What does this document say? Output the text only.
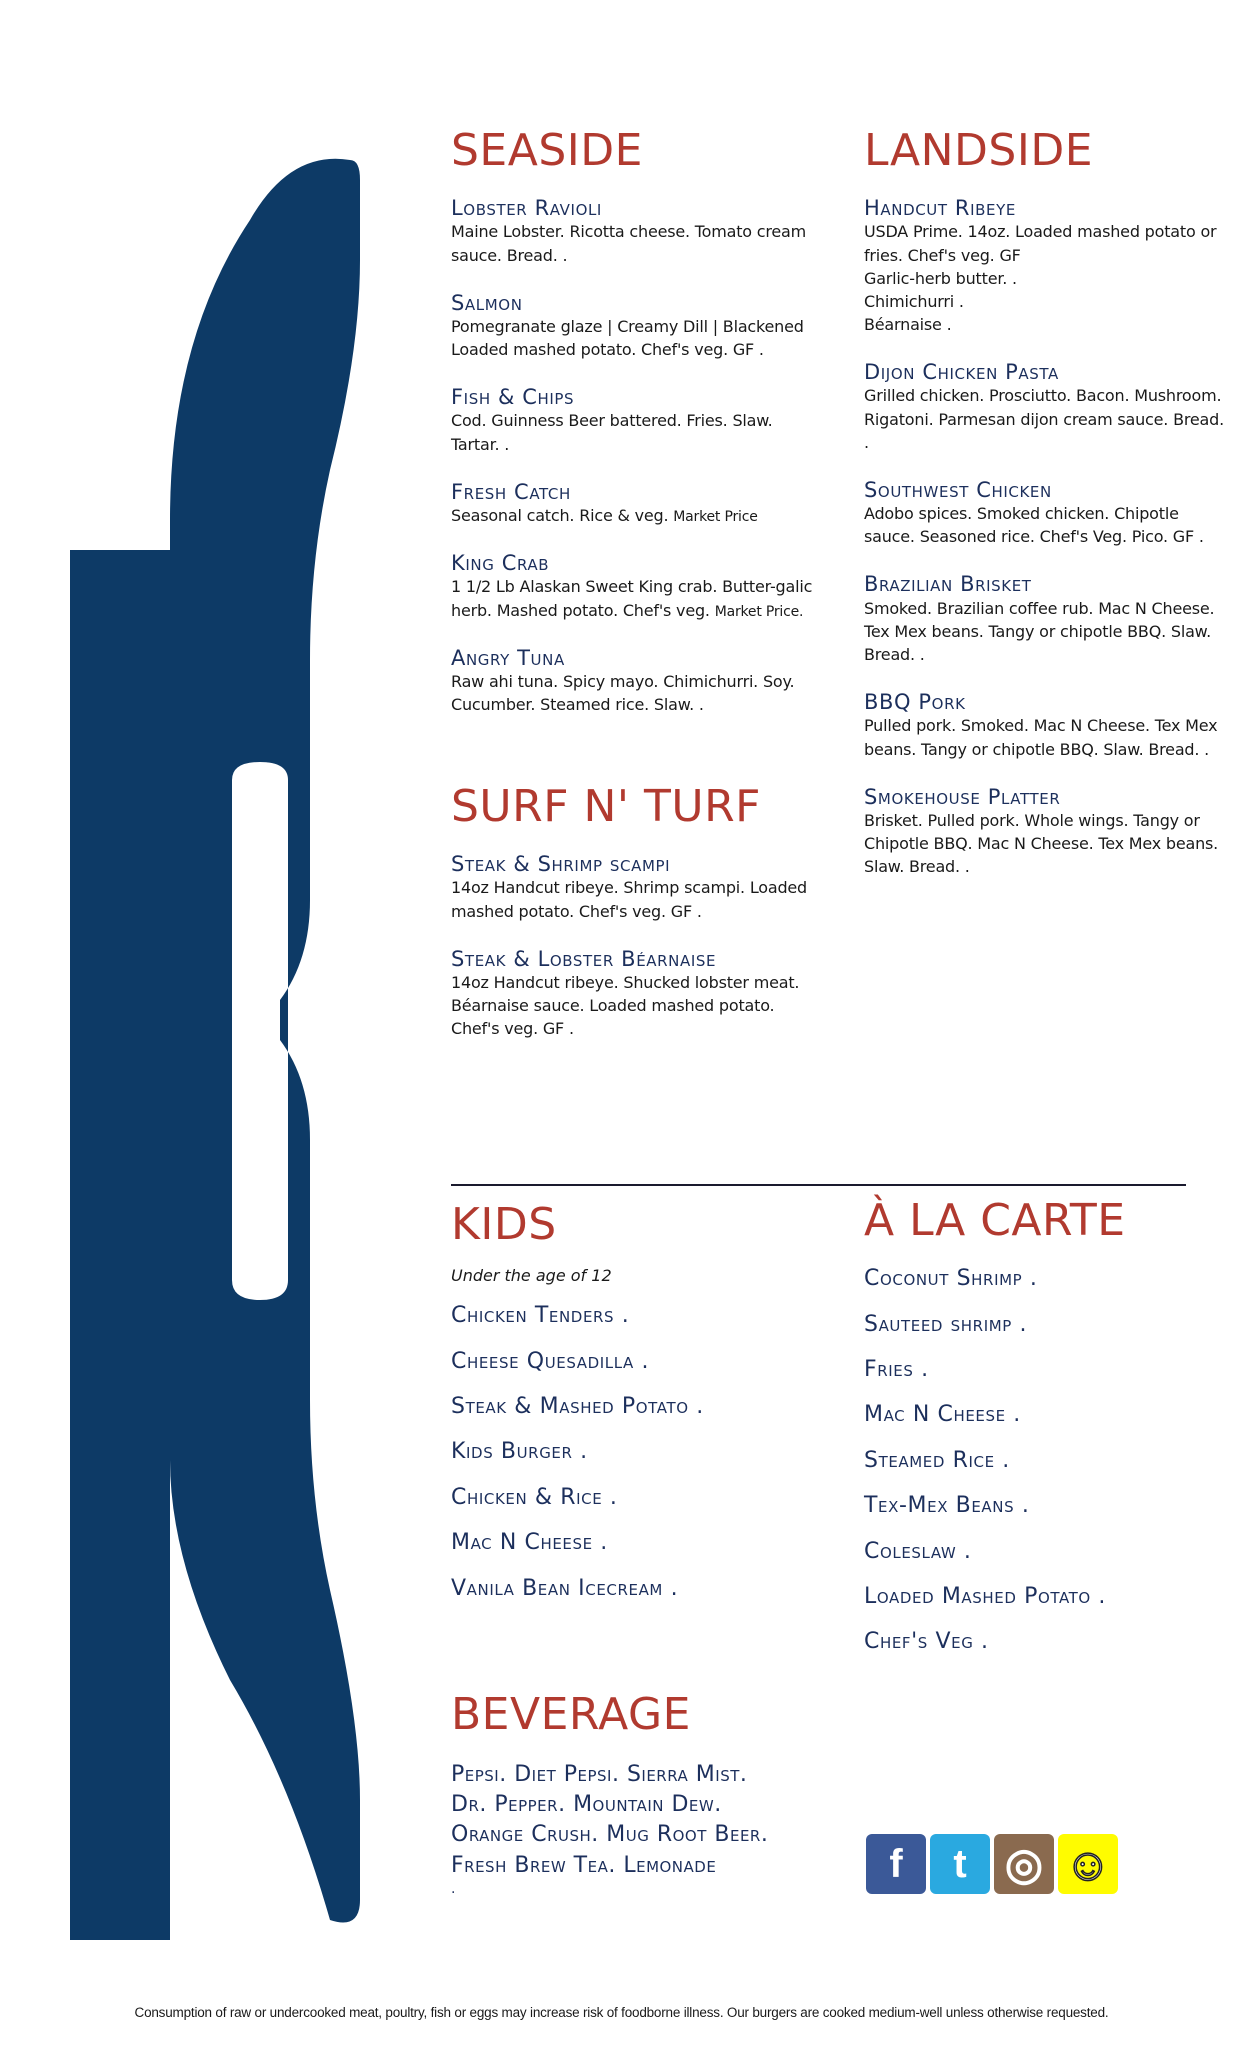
SEASIDE
Lobster Ravioli
Maine Lobster. Ricotta cheese. Tomato cream sauce. Bread. .
Salmon
Pomegranate glaze | Creamy Dill | Blackened Loaded mashed potato. Chef's veg. GF .
Fish & Chips
Cod. Guinness Beer battered. Fries. Slaw. Tartar. .
Fresh Catch
Seasonal catch. Rice & veg. Market Price
King Crab
1 1/2 Lb Alaskan Sweet King crab. Butter-galic herb. Mashed potato. Chef's veg. Market Price.
Angry Tuna
Raw ahi tuna. Spicy mayo. Chimichurri. Soy. Cucumber. Steamed rice. Slaw. .
SURF N' TURF
Steak & Shrimp scampi
14oz Handcut ribeye. Shrimp scampi. Loaded mashed potato. Chef's veg. GF .
Steak & Lobster Béarnaise
14oz Handcut ribeye. Shucked lobster meat. Béarnaise sauce. Loaded mashed potato. Chef's veg. GF .
LANDSIDE
Handcut Ribeye
USDA Prime. 14oz. Loaded mashed potato or fries. Chef's veg. GF
Garlic-herb butter. .
Chimichurri .
Béarnaise .
Dijon Chicken Pasta
Grilled chicken. Prosciutto. Bacon. Mushroom. Rigatoni. Parmesan dijon cream sauce. Bread. .
Southwest Chicken
Adobo spices. Smoked chicken. Chipotle sauce. Seasoned rice. Chef's Veg. Pico. GF .
Brazilian Brisket
Smoked. Brazilian coffee rub. Mac N Cheese. Tex Mex beans. Tangy or chipotle BBQ. Slaw. Bread. .
BBQ Pork
Pulled pork. Smoked. Mac N Cheese. Tex Mex beans. Tangy or chipotle BBQ. Slaw. Bread. .
Smokehouse Platter
Brisket. Pulled pork. Whole wings. Tangy or Chipotle BBQ. Mac N Cheese. Tex Mex beans. Slaw. Bread. .
KIDS
Under the age of 12
Chicken Tenders .
Cheese Quesadilla .
Steak & Mashed Potato .
Kids Burger .
Chicken & Rice .
Mac N Cheese .
Vanila Bean Icecream .
À LA CARTE
Coconut Shrimp .
Sauteed shrimp .
Fries .
Mac N Cheese .
Steamed Rice .
Tex-Mex Beans .
Coleslaw .
Loaded Mashed Potato .
Chef's Veg .
BEVERAGE
Pepsi. Diet Pepsi. Sierra Mist.
Dr. Pepper. Mountain Dew.
Orange Crush. Mug Root Beer.
Fresh Brew Tea. Lemonade
.
f	t ◎ ☺
Consumption of raw or undercooked meat, poultry, fish or eggs may increase risk of foodborne illness. Our burgers are cooked medium-well unless otherwise requested.
